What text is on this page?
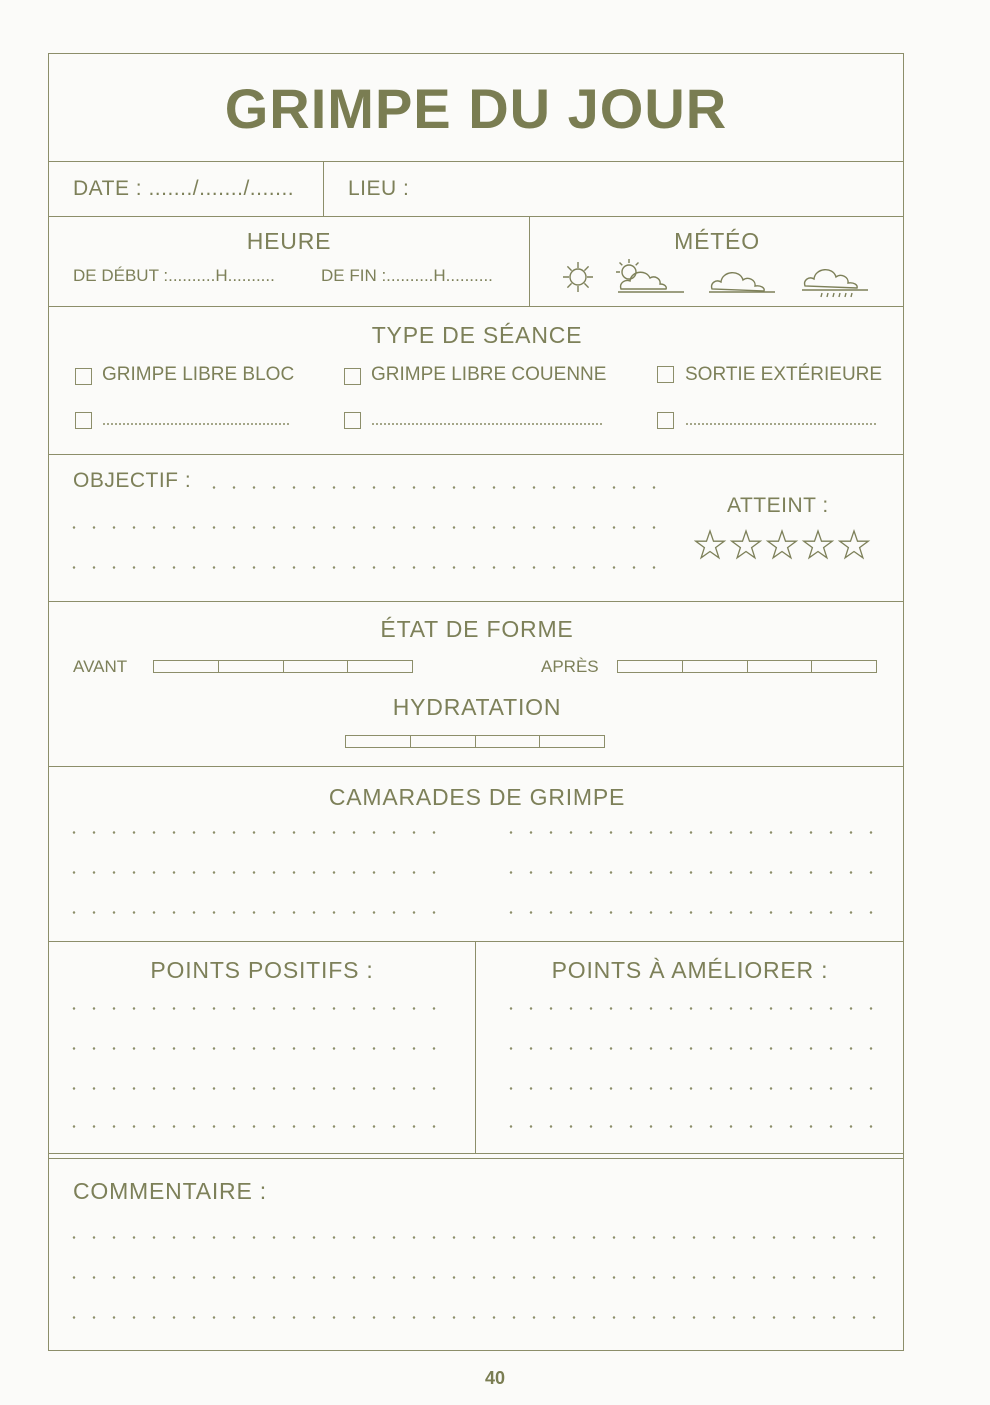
GRIMPE DU JOUR
DATE : ......./......./.......	LIEU :
HEURE
DE DÉBUT :..........H..........	DE FIN :..........H..........
MÉTÉO
TYPE DE SÉANCE
GRIMPE LIBRE BLOC	GRIMPE LIBRE COUENNE	SORTIE EXTÉRIEURE
OBJECTIF :
ATTEINT :
ÉTAT DE FORME
AVANT	APRÈS
HYDRATATION
CAMARADES DE GRIMPE
POINTS POSITIFS :	POINTS À AMÉLIORER :
COMMENTAIRE :
40
